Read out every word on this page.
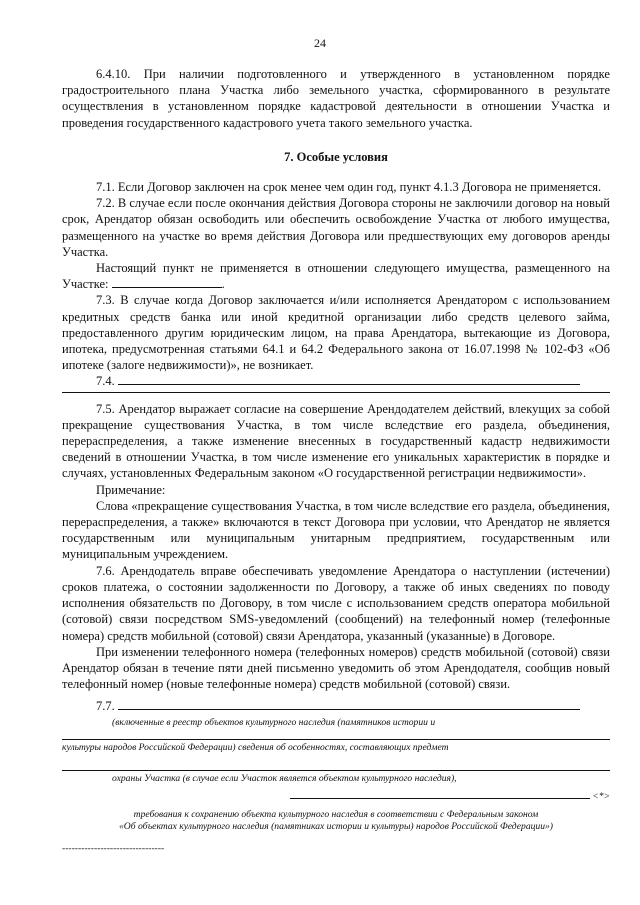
24

6.4.10. При наличии подготовленного и утвержденного в установленном порядке градостроительного плана Участка либо земельного участка, сформированного в результате осуществления в установленном порядке кадастровой деятельности в отношении Участка и проведения государственного кадастрового учета такого земельного участка.

7. Особые условия

7.1. Если Договор заключен на срок менее чем один год, пункт 4.1.3 Договора не применяется.

7.2. В случае если после окончания действия Договора стороны не заключили договор на новый срок, Арендатор обязан освободить или обеспечить освобождение Участка от любого имущества, размещенного на участке во время действия Договора или предшествующих ему договоров аренды Участка.

Настоящий пункт не применяется в отношении следующего имущества, размещенного на Участке:	.

7.3. В случае когда Договор заключается и/или исполняется Арендатором с использованием кредитных средств банка или иной кредитной организации либо средств целевого займа, предоставленного другим юридическим лицом, на права Арендатора, вытекающие из Договора, ипотека, предусмотренная статьями 64.1 и 64.2 Федерального закона от 16.07.1998 № 102-ФЗ «Об ипотеке (залоге недвижимости)», не возникает.

7.4.

7.5. Арендатор выражает согласие на совершение Арендодателем действий, влекущих за собой прекращение существования Участка, в том числе вследствие его раздела, объединения, перераспределения, а также изменение внесенных в государственный кадастр недвижимости сведений в отношении Участка, в том числе изменение его уникальных характеристик в порядке и случаях, установленных Федеральным законом «О государственной регистрации недвижимости».

Примечание:

Слова «прекращение существования Участка, в том числе вследствие его раздела, объединения, перераспределения, а также» включаются в текст Договора при условии, что Арендатор не является государственным или муниципальным унитарным предприятием, государственным или муниципальным учреждением.

7.6. Арендодатель вправе обеспечивать уведомление Арендатора о наступлении (истечении) сроков платежа, о состоянии задолженности по Договору, а также об иных сведениях по поводу исполнения обязательств по Договору, в том числе с использованием средств оператора мобильной (сотовой) связи посредством SMS-уведомлений (сообщений) на телефонный номер (телефонные номера) средств мобильной (сотовой) связи Арендатора, указанный (указанные) в Договоре.

При изменении телефонного номера (телефонных номеров) средств мобильной (сотовой) связи Арендатор обязан в течение пяти дней письменно уведомить об этом Арендодателя, сообщив новый телефонный номер (новые телефонные номера) средств мобильной (сотовой) связи.

7.7.

(включенные в реестр объектов культурного наследия (памятников истории и

культуры народов Российской Федерации) сведения об особенностях, составляющих предмет

охраны Участка (в случае если Участок является объектом культурного наследия),

<*>

требования к сохранению объекта культурного наследия в соответствии с Федеральным законом

«Об объектах культурного наследия (памятниках истории и культуры) народов Российской Федерации»)

--------------------------------
